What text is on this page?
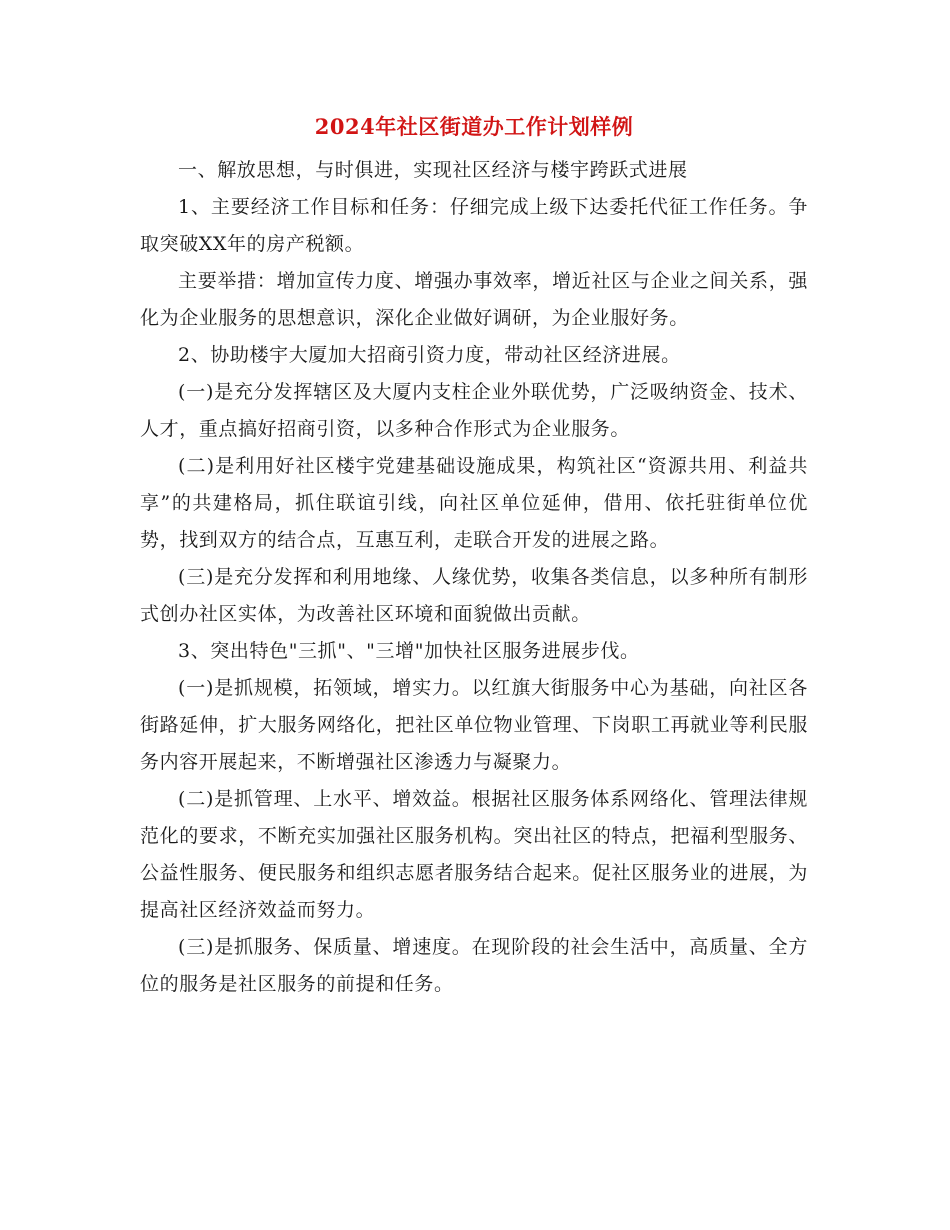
2024年社区街道办工作计划样例

一、解放思想，与时俱进，实现社区经济与楼宇跨跃式进展

1、主要经济工作目标和任务：仔细完成上级下达委托代征工作任务。争取突破XX年的房产税额。

主要举措：增加宣传力度、增强办事效率，增近社区与企业之间关系，强化为企业服务的思想意识，深化企业做好调研，为企业服好务。

2、协助楼宇大厦加大招商引资力度，带动社区经济进展。

(一)是充分发挥辖区及大厦内支柱企业外联优势，广泛吸纳资金、技术、人才，重点搞好招商引资，以多种合作形式为企业服务。

(二)是利用好社区楼宇党建基础设施成果，构筑社区“资源共用、利益共享”的共建格局，抓住联谊引线，向社区单位延伸，借用、依托驻街单位优势，找到双方的结合点，互惠互利，走联合开发的进展之路。

(三)是充分发挥和利用地缘、人缘优势，收集各类信息，以多种所有制形式创办社区实体，为改善社区环境和面貌做出贡献。

3、突出特色"三抓"、"三增"加快社区服务进展步伐。

(一)是抓规模，拓领域，增实力。以红旗大街服务中心为基础，向社区各街路延伸，扩大服务网络化，把社区单位物业管理、下岗职工再就业等利民服务内容开展起来，不断增强社区渗透力与凝聚力。

(二)是抓管理、上水平、增效益。根据社区服务体系网络化、管理法律规范化的要求，不断充实加强社区服务机构。突出社区的特点，把福利型服务、公益性服务、便民服务和组织志愿者服务结合起来。促社区服务业的进展，为提高社区经济效益而努力。

(三)是抓服务、保质量、增速度。在现阶段的社会生活中，高质量、全方位的服务是社区服务的前提和任务。
